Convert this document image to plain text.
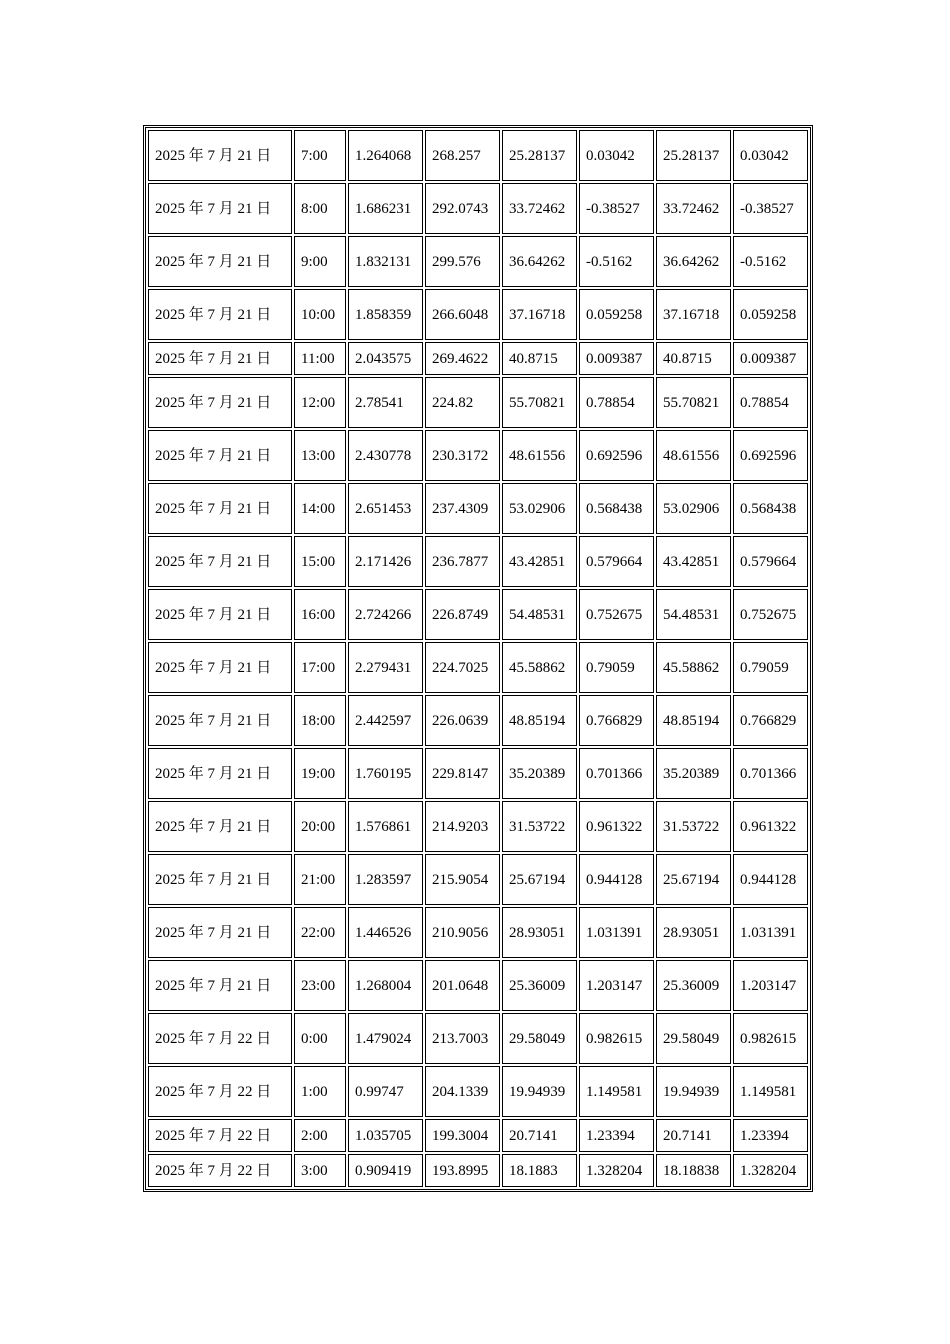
2025 年 7 月 21 日	7:00	1.264068	268.257	25.28137	0.03042	25.28137	0.03042
2025 年 7 月 21 日	8:00	1.686231	292.0743	33.72462	-0.38527	33.72462	-0.38527
2025 年 7 月 21 日	9:00	1.832131	299.576	36.64262	-0.5162	36.64262	-0.5162
2025 年 7 月 21 日	10:00	1.858359	266.6048	37.16718	0.059258	37.16718	0.059258
2025 年 7 月 21 日	11:00	2.043575	269.4622	40.8715	0.009387	40.8715	0.009387
2025 年 7 月 21 日	12:00	2.78541	224.82	55.70821	0.78854	55.70821	0.78854
2025 年 7 月 21 日	13:00	2.430778	230.3172	48.61556	0.692596	48.61556	0.692596
2025 年 7 月 21 日	14:00	2.651453	237.4309	53.02906	0.568438	53.02906	0.568438
2025 年 7 月 21 日	15:00	2.171426	236.7877	43.42851	0.579664	43.42851	0.579664
2025 年 7 月 21 日	16:00	2.724266	226.8749	54.48531	0.752675	54.48531	0.752675
2025 年 7 月 21 日	17:00	2.279431	224.7025	45.58862	0.79059	45.58862	0.79059
2025 年 7 月 21 日	18:00	2.442597	226.0639	48.85194	0.766829	48.85194	0.766829
2025 年 7 月 21 日	19:00	1.760195	229.8147	35.20389	0.701366	35.20389	0.701366
2025 年 7 月 21 日	20:00	1.576861	214.9203	31.53722	0.961322	31.53722	0.961322
2025 年 7 月 21 日	21:00	1.283597	215.9054	25.67194	0.944128	25.67194	0.944128
2025 年 7 月 21 日	22:00	1.446526	210.9056	28.93051	1.031391	28.93051	1.031391
2025 年 7 月 21 日	23:00	1.268004	201.0648	25.36009	1.203147	25.36009	1.203147
2025 年 7 月 22 日	0:00	1.479024	213.7003	29.58049	0.982615	29.58049	0.982615
2025 年 7 月 22 日	1:00	0.99747	204.1339	19.94939	1.149581	19.94939	1.149581
2025 年 7 月 22 日	2:00	1.035705	199.3004	20.7141	1.23394	20.7141	1.23394
2025 年 7 月 22 日	3:00	0.909419	193.8995	18.1883	1.328204	18.18838	1.328204
